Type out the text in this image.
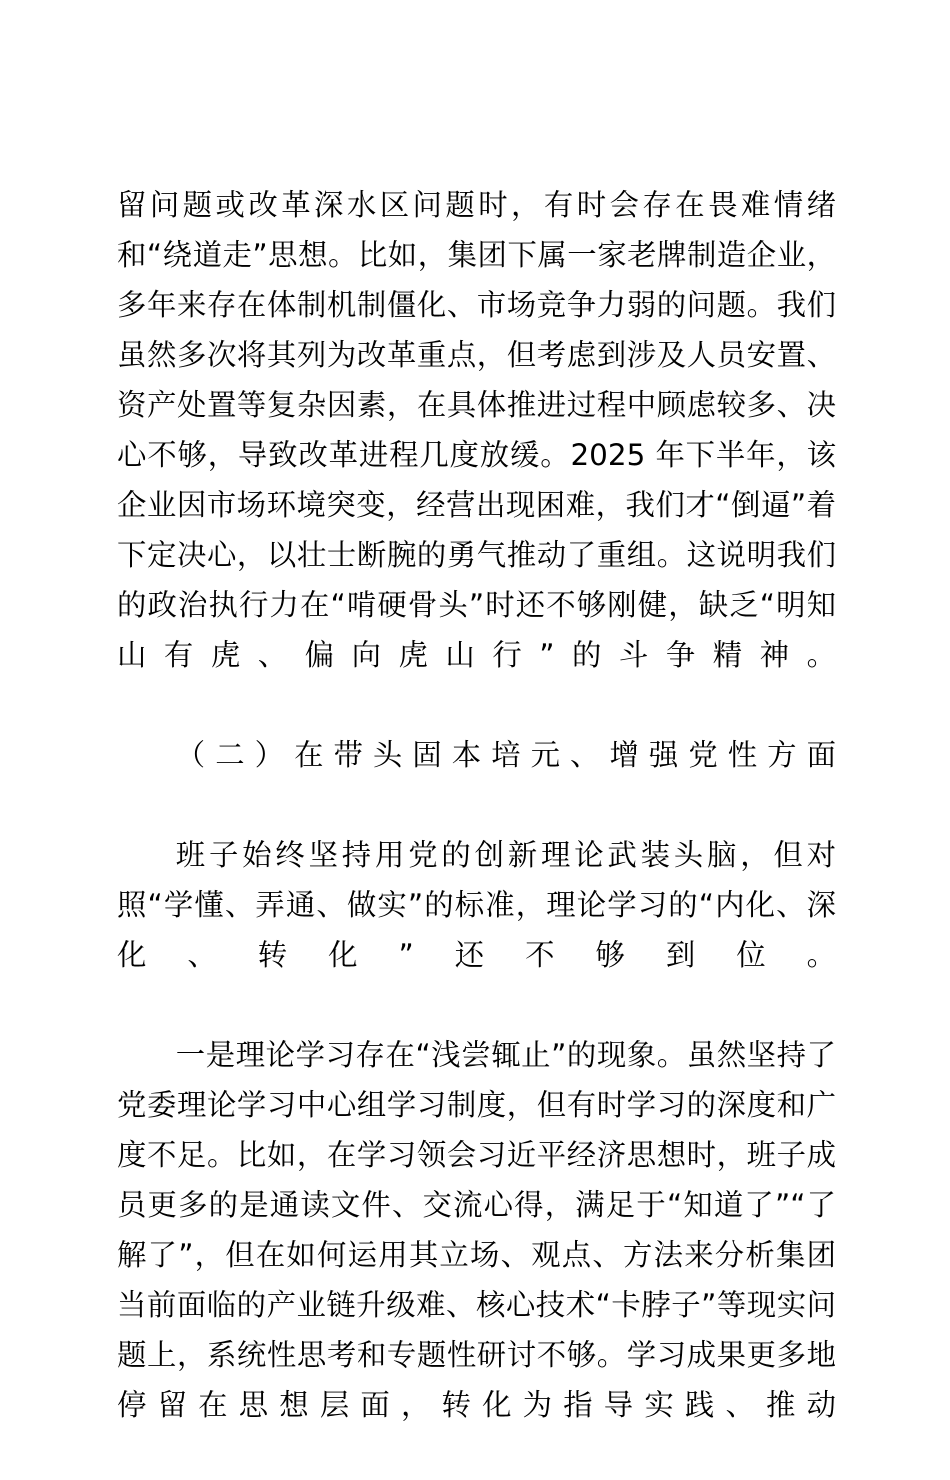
留问题或改革深水区问题时，有时会存在畏难情绪和“绕道走”思想。比如，集团下属一家老牌制造企业，多年来存在体制机制僵化、市场竞争力弱的问题。我们虽然多次将其列为改革重点，但考虑到涉及人员安置、资产处置等复杂因素，在具体推进过程中顾虑较多、决心不够，导致改革进程几度放缓。2025 年下半年，该企业因市场环境突变，经营出现困难，我们才“倒逼”着下定决心，以壮士断腕的勇气推动了重组。这说明我们的政治执行力在“啃硬骨头”时还不够刚健，缺乏“明知山有虎、偏向虎山行”的斗争精神。

（二）在带头固本培元、增强党性方面

班子始终坚持用党的创新理论武装头脑，但对照“学懂、弄通、做实”的标准，理论学习的“内化、深化、转化”还不够到位。

一是理论学习存在“浅尝辄止”的现象。虽然坚持了党委理论学习中心组学习制度，但有时学习的深度和广度不足。比如，在学习领会习近平经济思想时，班子成员更多的是通读文件、交流心得，满足于“知道了”“了解了”，但在如何运用其立场、观点、方法来分析集团当前面临的产业链升级难、核心技术“卡脖子”等现实问题上，系统性思考和专题性研讨不够。学习成果更多地停留在思想层面，转化为指导实践、推动
